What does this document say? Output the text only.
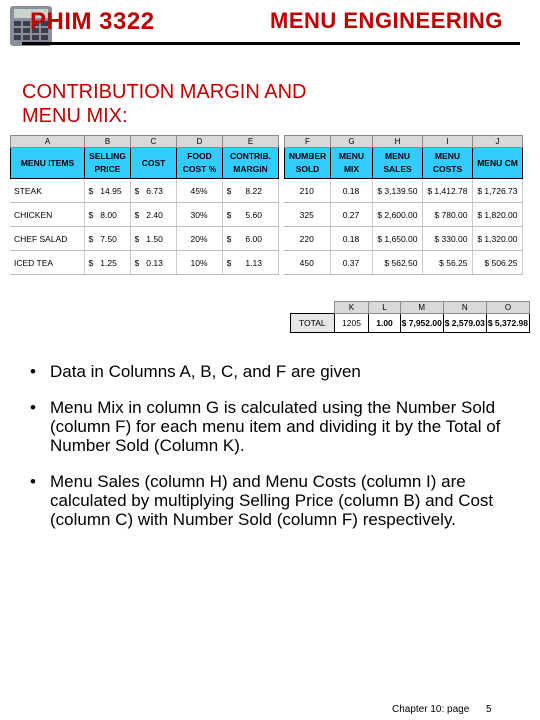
PHIM 3322	MENU ENGINEERING
CONTRIBUTION MARGIN AND
MENU MIX:
A	B	C	D	E		F	G	H	I	J
MENU ITEMS	SELLING PRICE	COST	FOOD COST %	CONTRIB. MARGIN		NUMBER SOLD	MENU MIX	MENU SALES	MENU COSTS	MENU CM
STEAK	$   14.95	$   6.73	45%	$      8.22		210	0.18	$ 3,139.50	$ 1,412.78	$ 1,726.73
CHICKEN	$   8.00	$   2.40	30%	$      5.60		325	0.27	$ 2,600.00	$ 780.00	$ 1,820.00
CHEF SALAD	$   7.50	$   1.50	20%	$      6.00		220	0.18	$ 1,650.00	$ 330.00	$ 1,320.00
ICED TEA	$   1.25	$   0.13	10%	$      1.13		450	0.37	$ 562.50	$ 56.25	$ 506.25
	K	L	M	N	O
TOTAL	1205	1.00	$ 7,952.00	$ 2,579.03	$ 5,372.98
• Data in Columns A, B, C, and F are given
• Menu Mix in column G is calculated using the Number Sold (column F) for each menu item and dividing it by the Total of Number Sold (Column K).
• Menu Sales (column H) and Menu Costs (column I) are calculated by multiplying Selling Price (column B) and Cost (column C) with Number Sold (column F) respectively.
Chapter 10: page 5
